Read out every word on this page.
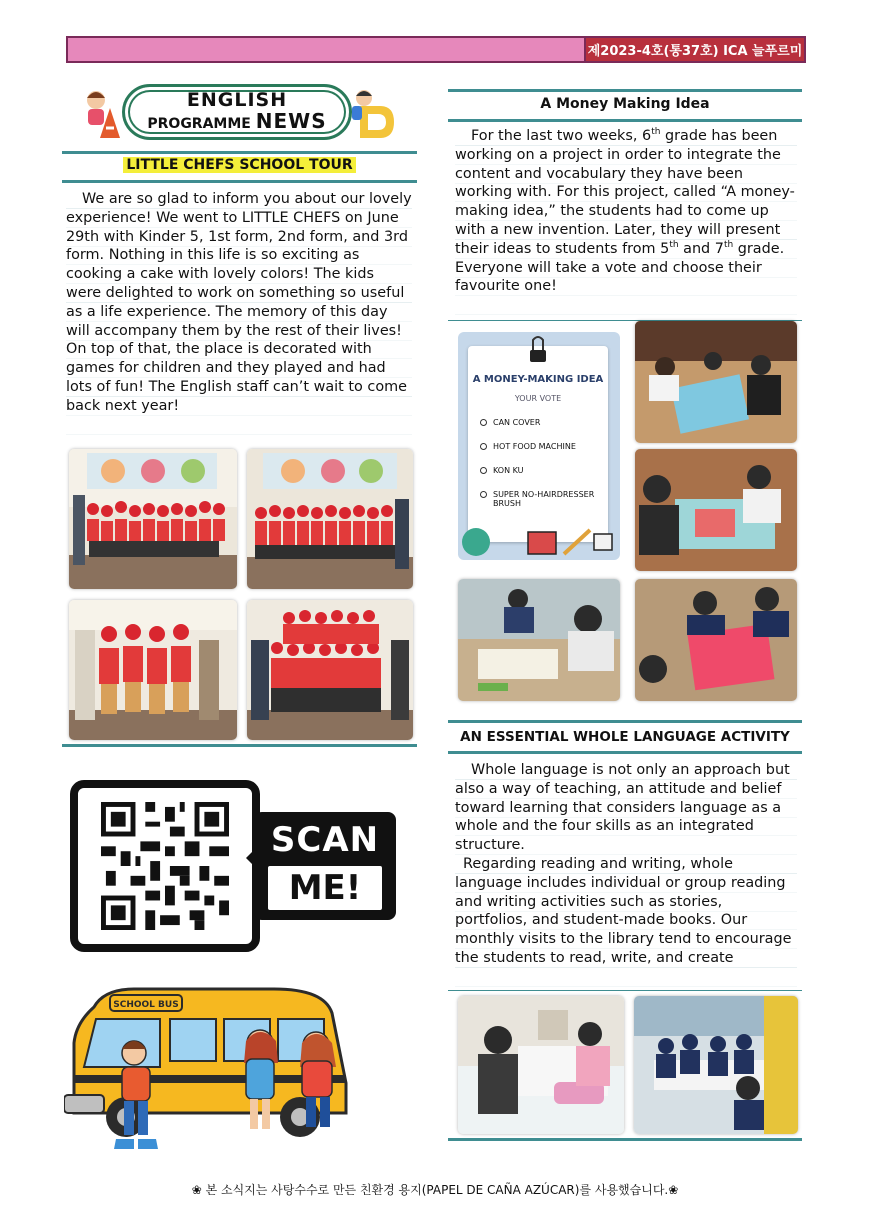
제2023-4호(통37호) ICA 늘푸르미
ENGLISH
PROGRAMME NEWS
LITTLE CHEFS SCHOOL TOUR

We are so glad to inform you about our lovely experience! We went to LITTLE CHEFS on June 29th with Kinder 5, 1st form, 2nd form, and 3rd form. Nothing in this life is so exciting as cooking a cake with lovely colors! The kids were delighted to work on something so useful as a life experience. The memory of this day will accompany them by the rest of their lives! On top of that, the place is decorated with games for children and they played and had lots of fun! The English staff can’t wait to come back next year!

SCAN
ME!
SCHOOL BUS
A Money Making Idea

For the last two weeks, 6th grade has been working on a project in order to integrate the content and vocabulary they have been working with. For this project, called “A money-making idea,” the students had to come up with a new invention. Later, they will present their ideas to students from 5th and 7th grade. Everyone will take a vote and choose their favourite one!

A MONEY-MAKING IDEA
YOUR VOTE
CAN COVER
HOT FOOD MACHINE
KON KU
SUPER NO-HAIRDRESSER BRUSH
AN ESSENTIAL WHOLE LANGUAGE ACTIVITY

Whole language is not only an approach but also a way of teaching, an attitude and belief toward learning that considers language as a whole and the four skills as an integrated structure.

Regarding reading and writing, whole language includes individual or group reading and writing activities such as stories, portfolios, and student-made books. Our monthly visits to the library tend to encourage the students to read, write, and create

❀ 본 소식지는 사탕수수로 만든 친환경 용지(PAPEL DE CAÑA AZÚCAR)를 사용했습니다.❀
